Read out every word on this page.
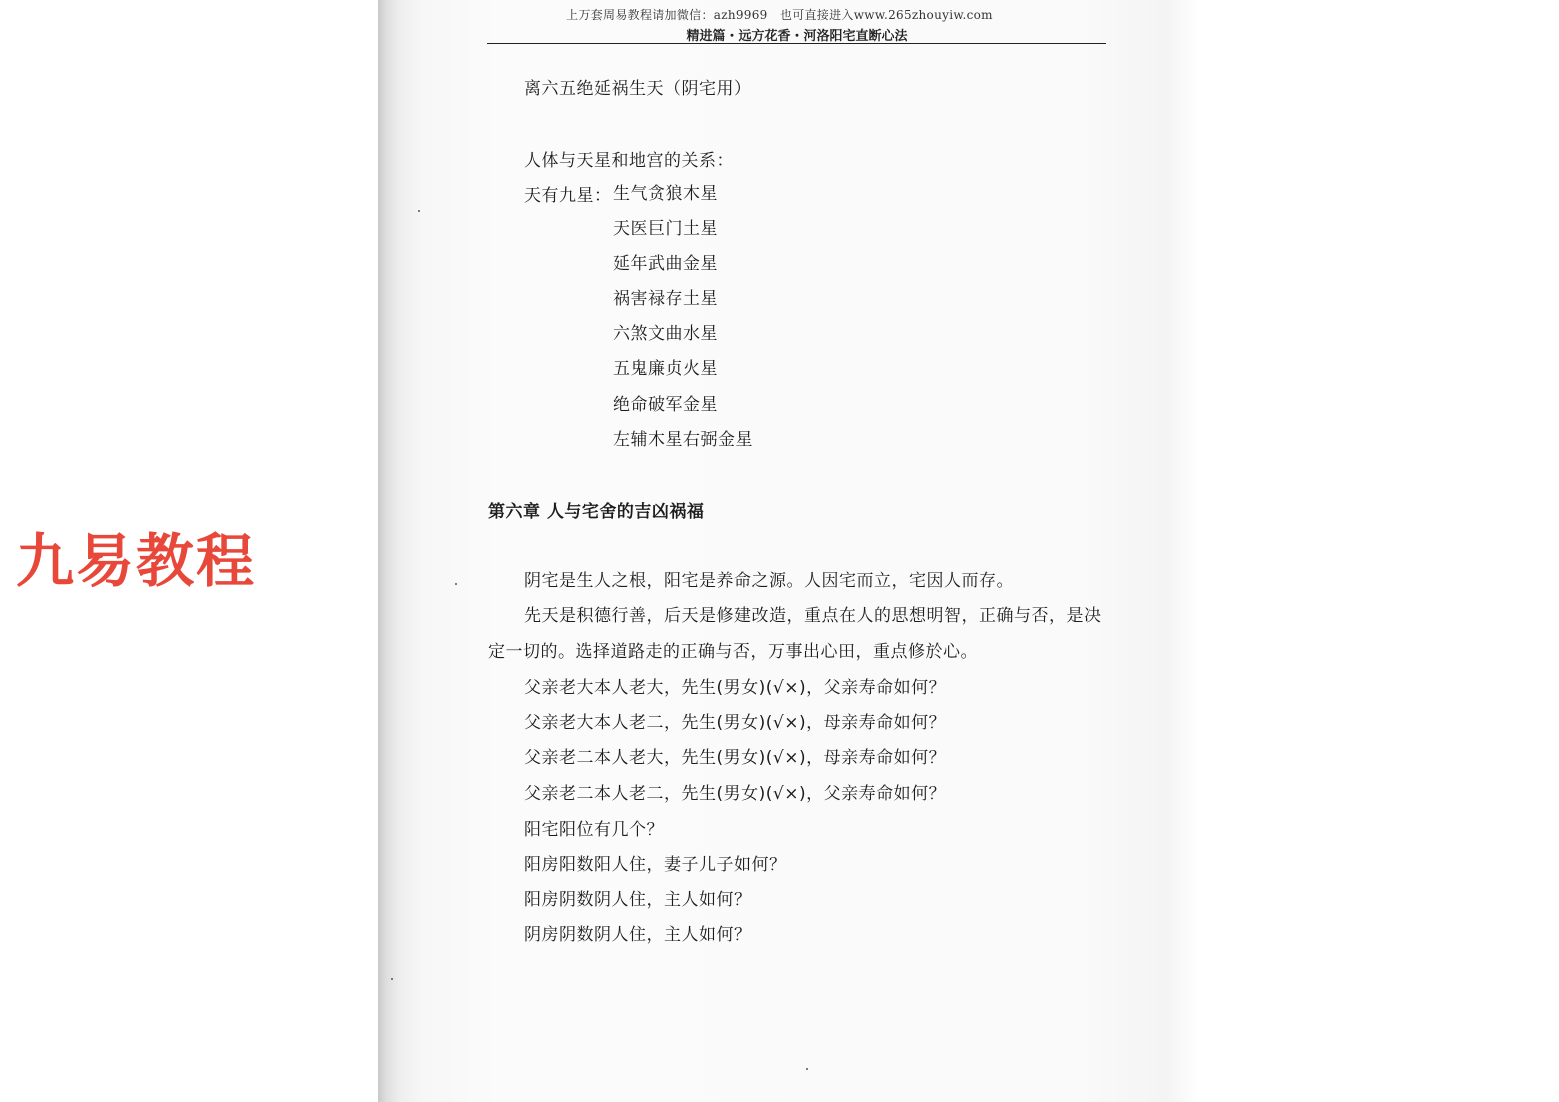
上万套周易教程请加微信：azh9969　也可直接进入www.265zhouyiw.com
精进篇・远方花香・河洛阳宅直断心法
离六五绝延祸生天（阴宅用）
人体与天星和地宫的关系：
天有九星： 生气贪狼木星
天医巨门土星
延年武曲金星
祸害禄存土星
六煞文曲水星
五鬼廉贞火星
绝命破军金星
左辅木星右弼金星
第六章 人与宅舍的吉凶祸福
阴宅是生人之根，阳宅是养命之源。人因宅而立，宅因人而存。
先天是积德行善，后天是修建改造，重点在人的思想明智，正确与否，是决
定一切的。选择道路走的正确与否，万事出心田，重点修於心。
父亲老大本人老大，先生(男女)(√×)，父亲寿命如何？
父亲老大本人老二，先生(男女)(√×)，母亲寿命如何？
父亲老二本人老大，先生(男女)(√×)，母亲寿命如何？
父亲老二本人老二，先生(男女)(√×)，父亲寿命如何？
阳宅阳位有几个？
阳房阳数阳人住，妻子儿子如何？
阳房阴数阴人住，主人如何？
阴房阴数阴人住，主人如何？
九易教程
